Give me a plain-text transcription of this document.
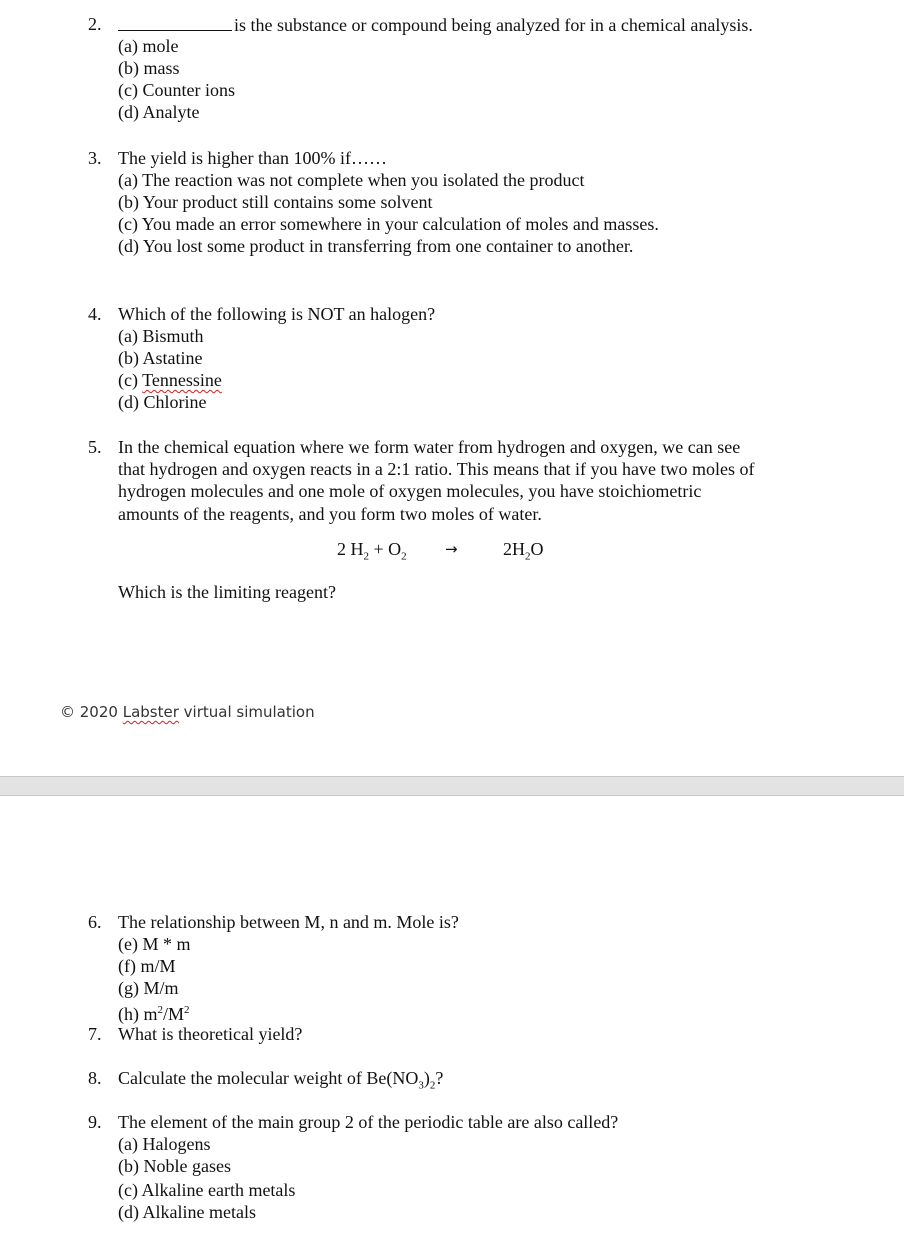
2.	is the substance or compound being analyzed for in a chemical analysis.
(a) mole
(b) mass
(c) Counter ions
(d) Analyte
3. The yield is higher than 100% if……
(a) The reaction was not complete when you isolated the product
(b) Your product still contains some solvent
(c) You made an error somewhere in your calculation of moles and masses.
(d) You lost some product in transferring from one container to another.
4. Which of the following is NOT an halogen?
(a) Bismuth
(b) Astatine
(c) Tennessine
(d) Chlorine
5. In the chemical equation where we form water from hydrogen and oxygen, we can see
that hydrogen and oxygen reacts in a 2:1 ratio. This means that if you have two moles of
hydrogen molecules and one mole of oxygen molecules, you have stoichiometric
amounts of the reagents, and you form two moles of water.
2 $H_2 + O_2$	→	$2H_2O$
Which is the limiting reagent?
© 2020 Labster virtual simulation
6. The relationship between M, n and m. Mole is?
(e) M * m
(f) m/M
(g) M/m
(h) $m^2/M^2$
7. What is theoretical yield?
8. Calculate the molecular weight of $Be(NO_3)_2$?
9. The element of the main group 2 of the periodic table are also called?
(a) Halogens
(b) Noble gases
(c) Alkaline earth metals
(d) Alkaline metals
